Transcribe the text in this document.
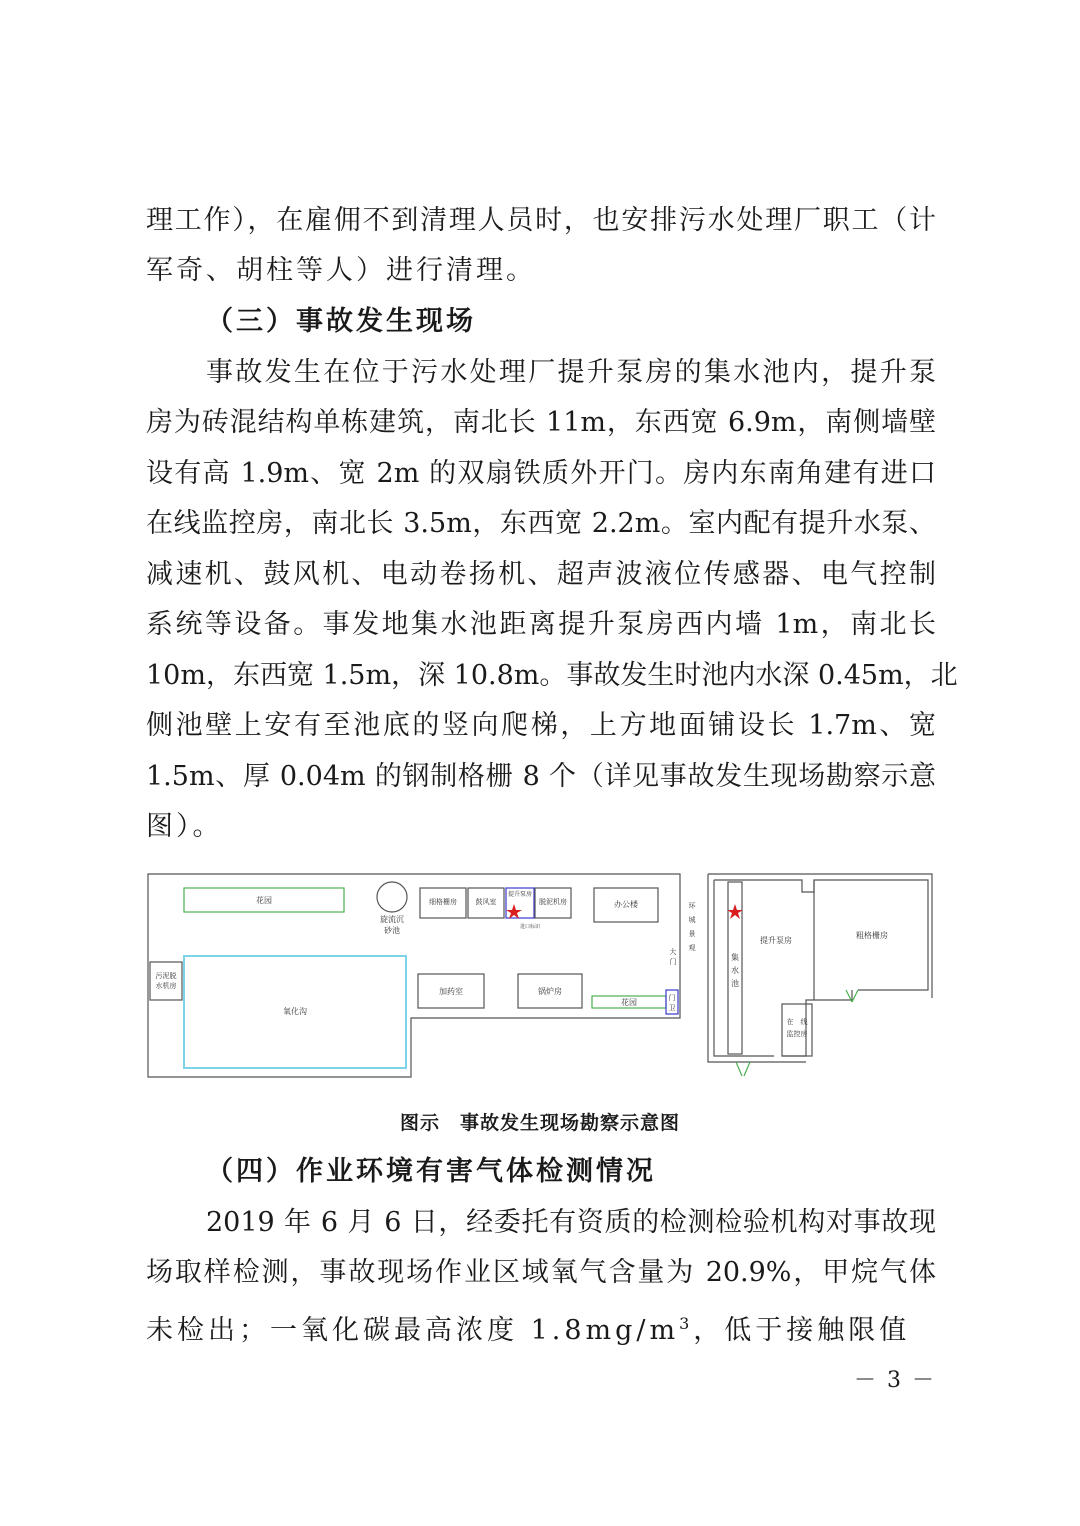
理工作），在雇佣不到清理人员时，也安排污水处理厂职工（计
军奇、胡柱等人）进行清理。
（三）事故发生现场
事故发生在位于污水处理厂提升泵房的集水池内，提升泵
房为砖混结构单栋建筑，南北长 11m，东西宽 6.9m，南侧墙壁
设有高 1.9m、宽 2m 的双扇铁质外开门。房内东南角建有进口
在线监控房，南北长 3.5m，东西宽 2.2m。室内配有提升水泵、
减速机、鼓风机、电动卷扬机、超声波液位传感器、电气控制
系统等设备。事发地集水池距离提升泵房西内墙 1m，南北长
10m，东西宽 1.5m，深 10.8m。事故发生时池内水深 0.45m，北
侧池壁上安有至池底的竖向爬梯，上方地面铺设长 1.7m、宽
1.5m、厚 0.04m 的钢制格栅 8 个（详见事故发生现场勘察示意
图）。
花园
旋流沉
砂池
细格栅房	鼓风室
提升泵房
脱泥机房	办公楼
污泥脱
水机房
氧化沟
加药室	锅炉房
花园	门
卫
大
门
环
城
景
观
集
水
池
提升泵房
粗格栅房
在　线
监控房
进口标识
图示　事故发生现场勘察示意图
（四）作业环境有害气体检测情况
2019 年 6 月 6 日，经委托有资质的检测检验机构对事故现
场取样检测，事故现场作业区域氧气含量为 20.9%，甲烷气体
未检出；一氧化碳最高浓度 $1.8mg/m^3$，低于接触限值
－ 3 －
